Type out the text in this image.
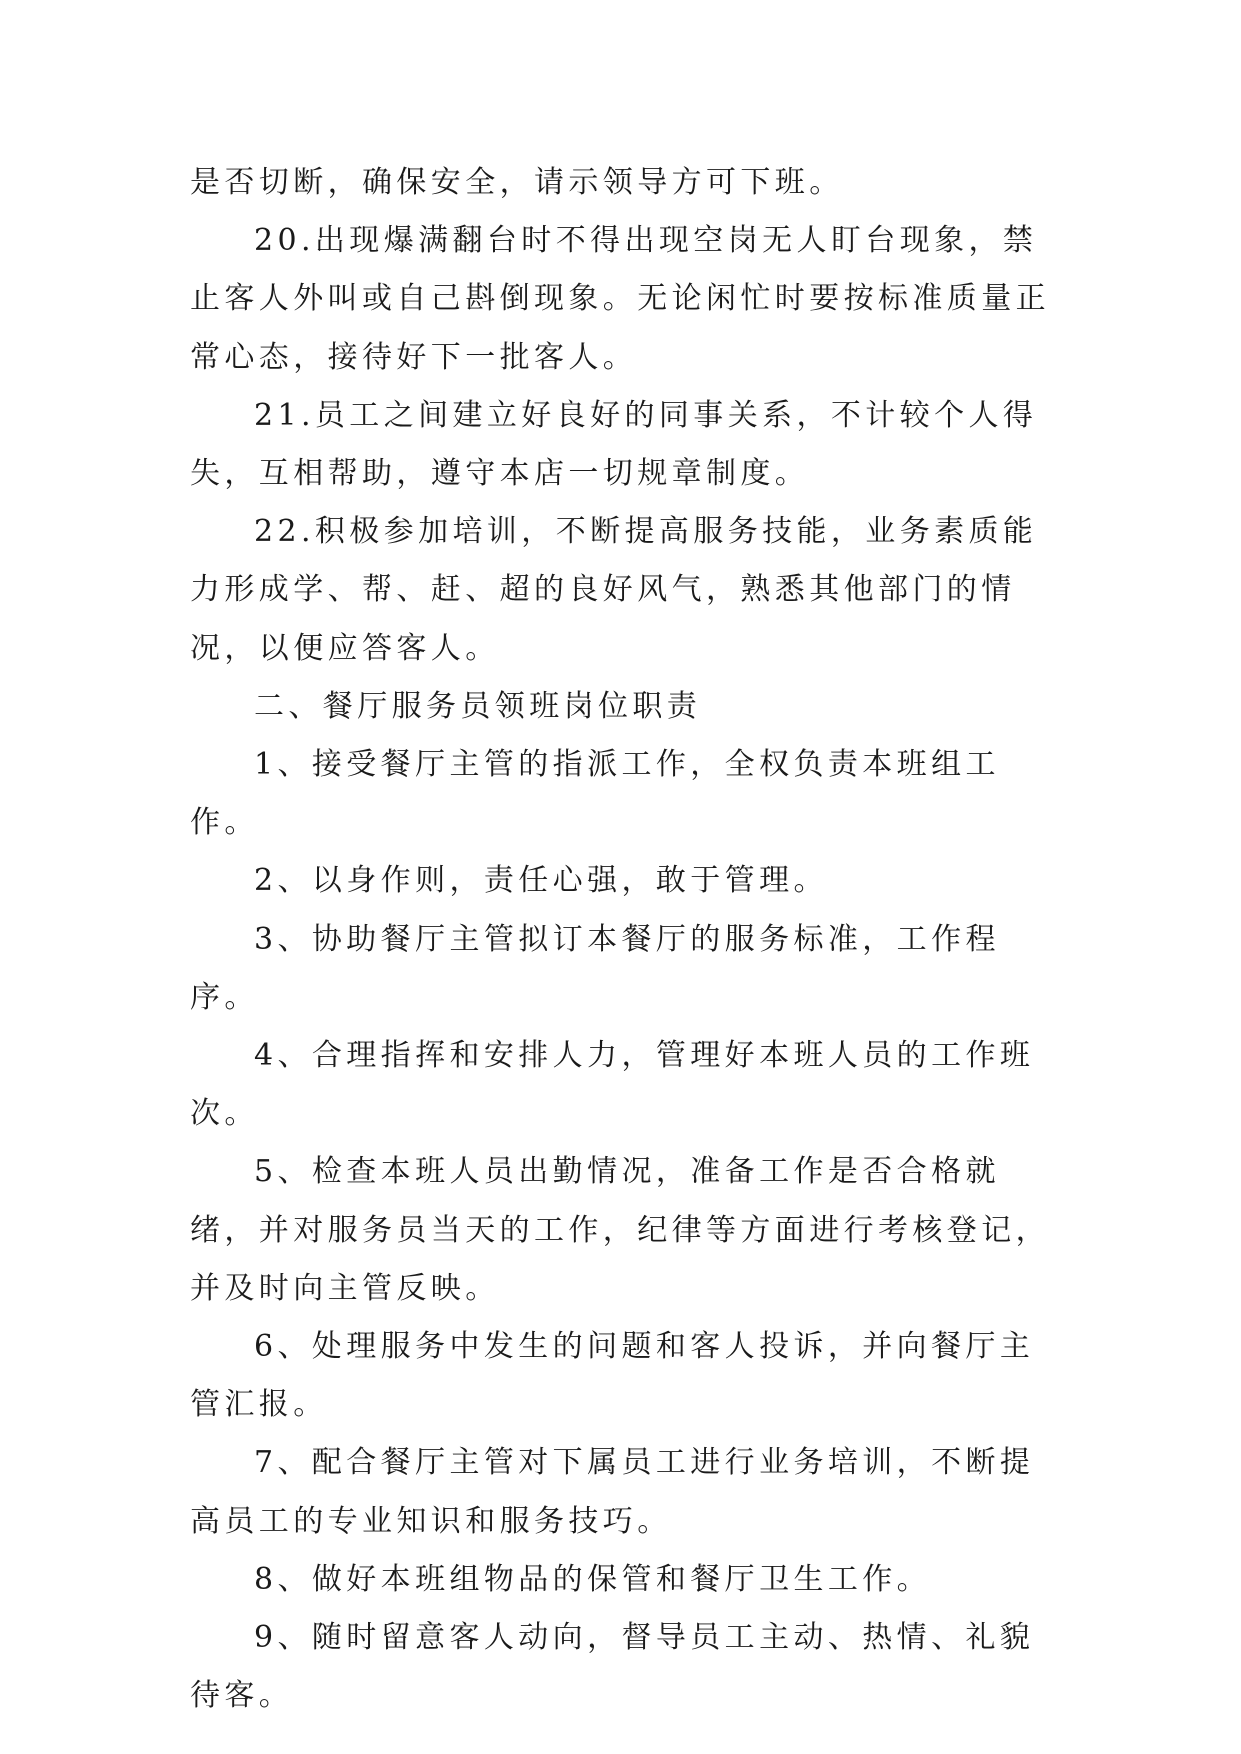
是否切断，确保安全，请示领导方可下班。

20.出现爆满翻台时不得出现空岗无人盯台现象，禁止客人外叫或自己斟倒现象。无论闲忙时要按标准质量正常心态，接待好下一批客人。

21.员工之间建立好良好的同事关系，不计较个人得失，互相帮助，遵守本店一切规章制度。

22.积极参加培训，不断提高服务技能，业务素质能力形成学、帮、赶、超的良好风气，熟悉其他部门的情况，以便应答客人。

二、餐厅服务员领班岗位职责

1、接受餐厅主管的指派工作，全权负责本班组工作。

2、以身作则，责任心强，敢于管理。

3、协助餐厅主管拟订本餐厅的服务标准，工作程序。

4、合理指挥和安排人力，管理好本班人员的工作班次。

5、检查本班人员出勤情况，准备工作是否合格就绪，并对服务员当天的工作，纪律等方面进行考核登记，并及时向主管反映。

6、处理服务中发生的问题和客人投诉，并向餐厅主管汇报。

7、配合餐厅主管对下属员工进行业务培训，不断提高员工的专业知识和服务技巧。

8、做好本班组物品的保管和餐厅卫生工作。

9、随时留意客人动向，督导员工主动、热情、礼貌待客。
